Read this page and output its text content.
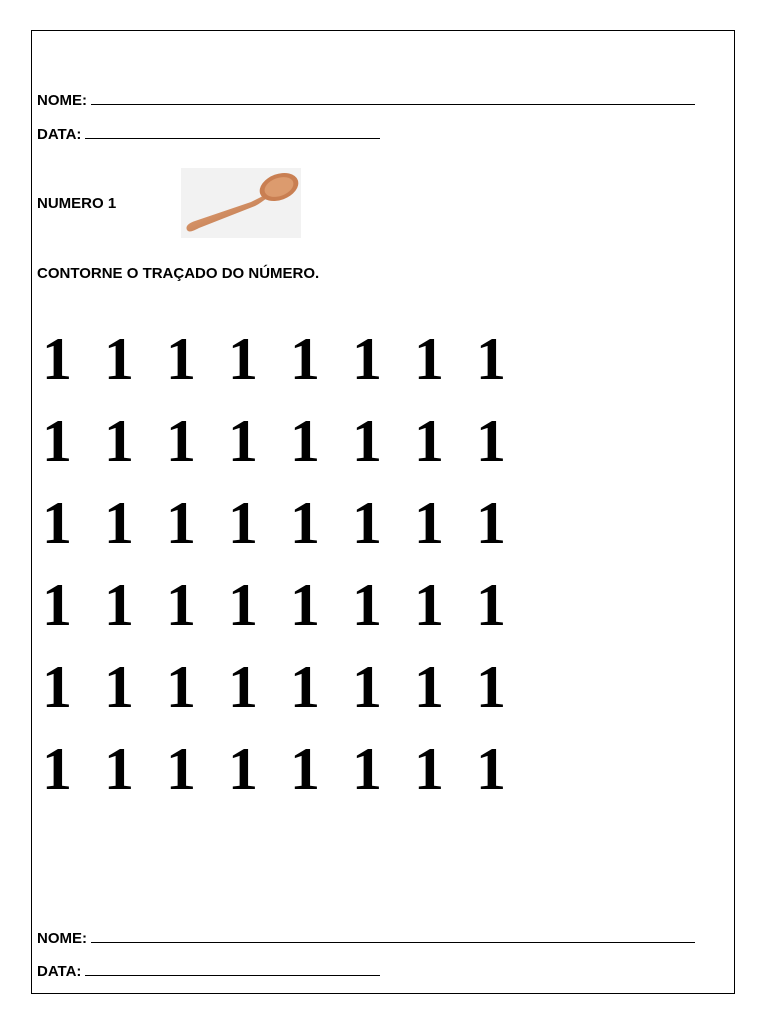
NOME:
DATA:
NUMERO 1
CONTORNE O TRAÇADO DO NÚMERO.
1 1 1 1 1 1 1 1
1 1 1 1 1 1 1 1
1 1 1 1 1 1 1 1
1 1 1 1 1 1 1 1
1 1 1 1 1 1 1 1
1 1 1 1 1 1 1 1
NOME:
DATA:
